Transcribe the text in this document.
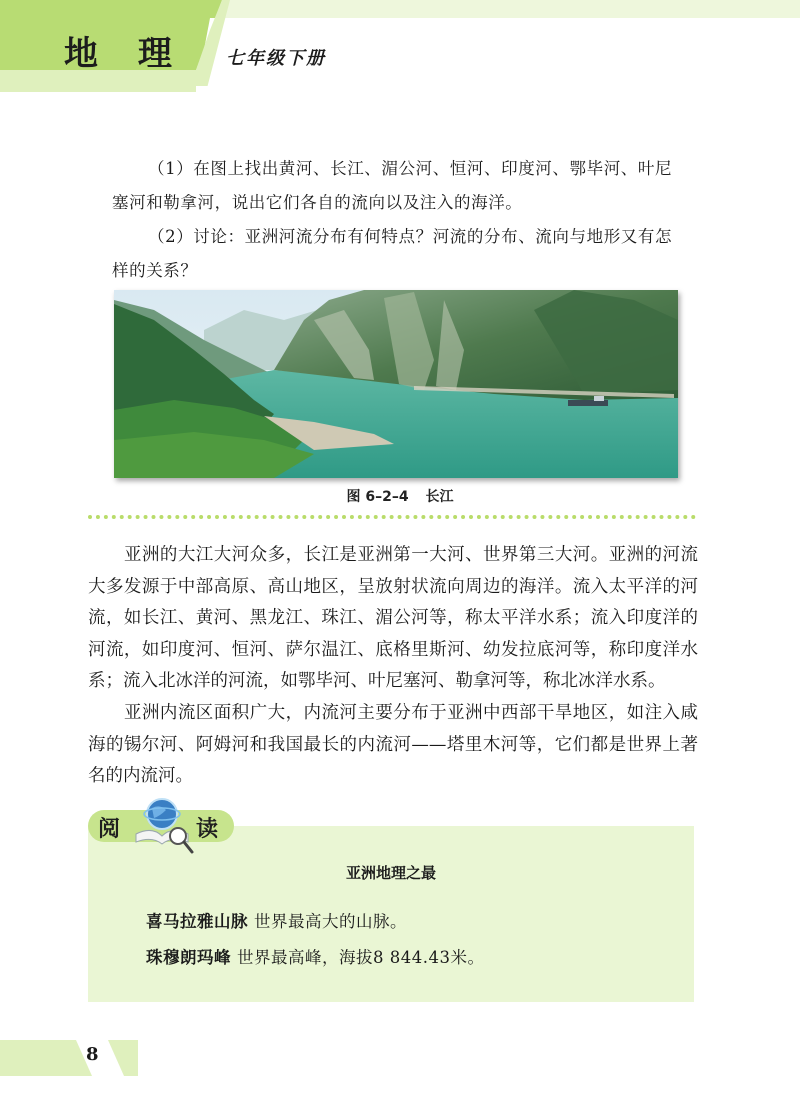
地 理 七年级下册

（1）在图上找出黄河、长江、湄公河、恒河、印度河、鄂毕河、叶尼塞河和勒拿河，说出它们各自的流向以及注入的海洋。

（2）讨论：亚洲河流分布有何特点？河流的分布、流向与地形又有怎样的关系？

图 6–2–4 长江

亚洲的大江大河众多，长江是亚洲第一大河、世界第三大河。亚洲的河流大多发源于中部高原、高山地区，呈放射状流向周边的海洋。流入太平洋的河流，如长江、黄河、黑龙江、珠江、湄公河等，称太平洋水系；流入印度洋的河流，如印度河、恒河、萨尔温江、底格里斯河、幼发拉底河等，称印度洋水系；流入北冰洋的河流，如鄂毕河、叶尼塞河、勒拿河等，称北冰洋水系。

亚洲内流区面积广大，内流河主要分布于亚洲中西部干旱地区，如注入咸海的锡尔河、阿姆河和我国最长的内流河——塔里木河等，它们都是世界上著名的内流河。

阅	读
亚洲地理之最
喜马拉雅山脉 世界最高大的山脉。
珠穆朗玛峰 世界最高峰，海拔8 844.43米。
8
